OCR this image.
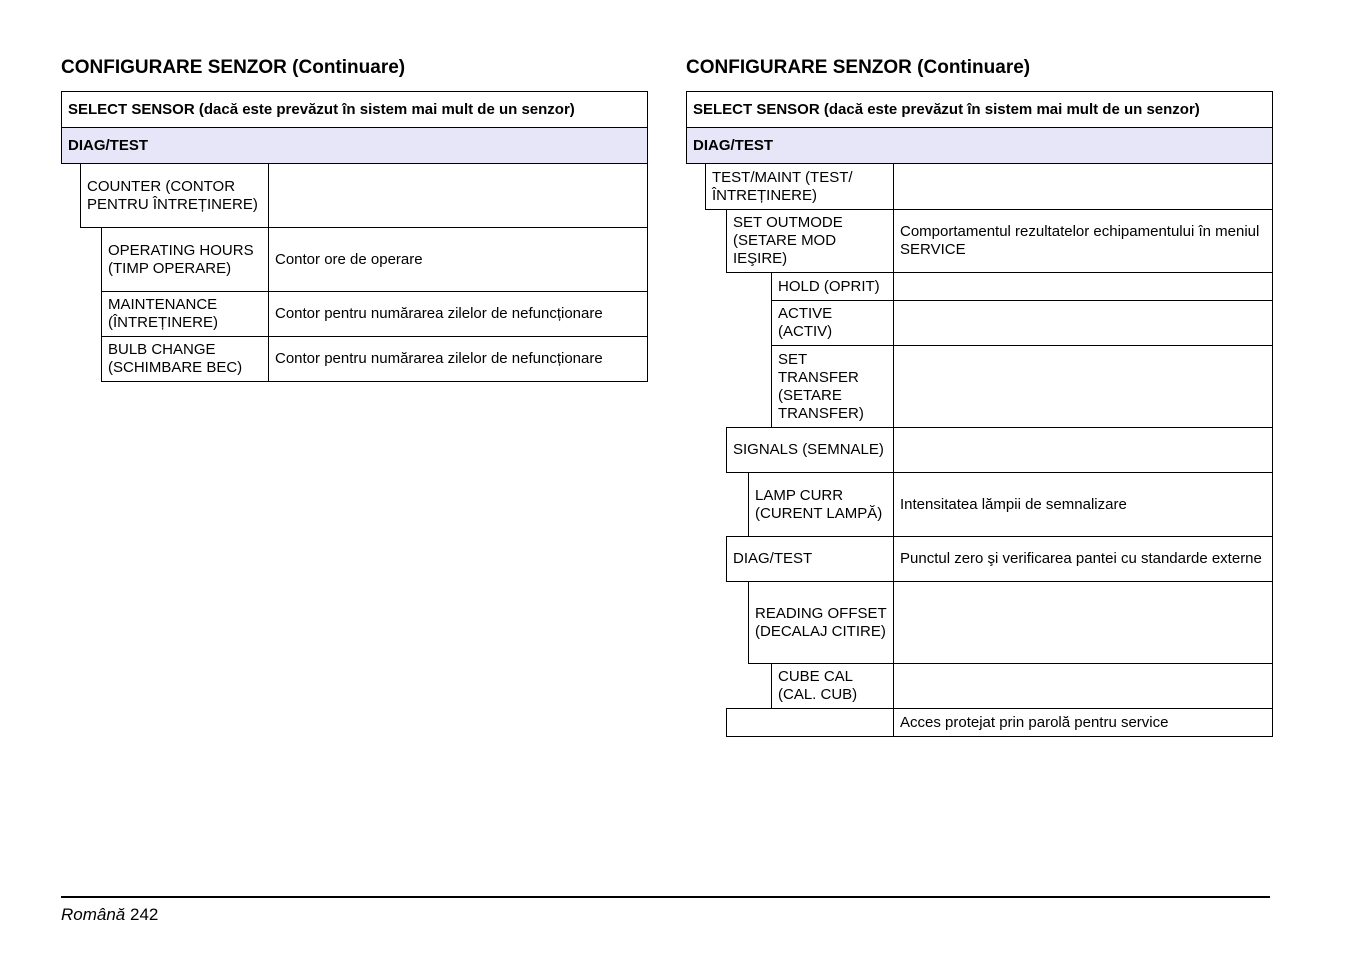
CONFIGURARE SENZOR (Continuare)
SELECT SENSOR (dacă este prevăzut în sistem mai mult de un senzor)
DIAG/TEST
COUNTER (CONTOR PENTRU ÎNTREȚINERE)
OPERATING HOURS (TIMP OPERARE)
Contor ore de operare
MAINTENANCE (ÎNTREȚINERE)
Contor pentru numărarea zilelor de nefuncționare
BULB CHANGE (SCHIMBARE BEC)
Contor pentru numărarea zilelor de nefuncționare
CONFIGURARE SENZOR (Continuare)
SELECT SENSOR (dacă este prevăzut în sistem mai mult de un senzor)
DIAG/TEST
TEST/MAINT (TEST/ ÎNTREȚINERE)
SET OUTMODE (SETARE MOD IEŞIRE)
Comportamentul rezultatelor echipamentului în meniul SERVICE
HOLD (OPRIT)
ACTIVE (ACTIV)
SET TRANSFER (SETARE TRANSFER)
SIGNALS (SEMNALE)
LAMP CURR (CURENT LAMPĂ)
Intensitatea lămpii de semnalizare
DIAG/TEST	Punctul zero şi verificarea pantei cu standarde externe
READING OFFSET (DECALAJ CITIRE)
CUBE CAL (CAL. CUB)
Acces protejat prin parolă pentru service
Română 242
